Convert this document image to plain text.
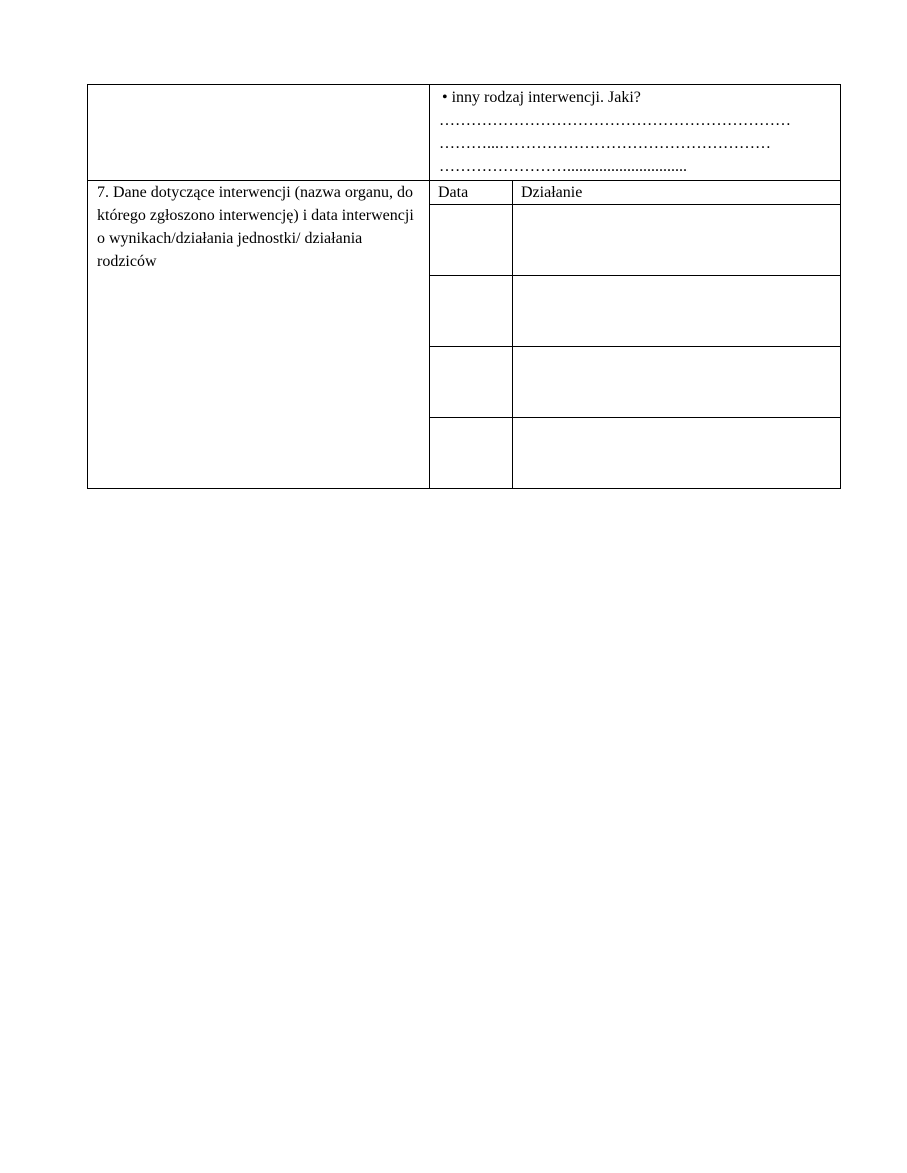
	• inny rodzaj interwencji. Jaki?
…………………………………………………………
………...……………………………………………
……………………..............................	

7. Dane dotyczące interwencji (nazwa organu, do którego zgłoszono interwencję) i data interwencji o wynikach/działania jednostki/ działania rodziców	Data	Działanie
